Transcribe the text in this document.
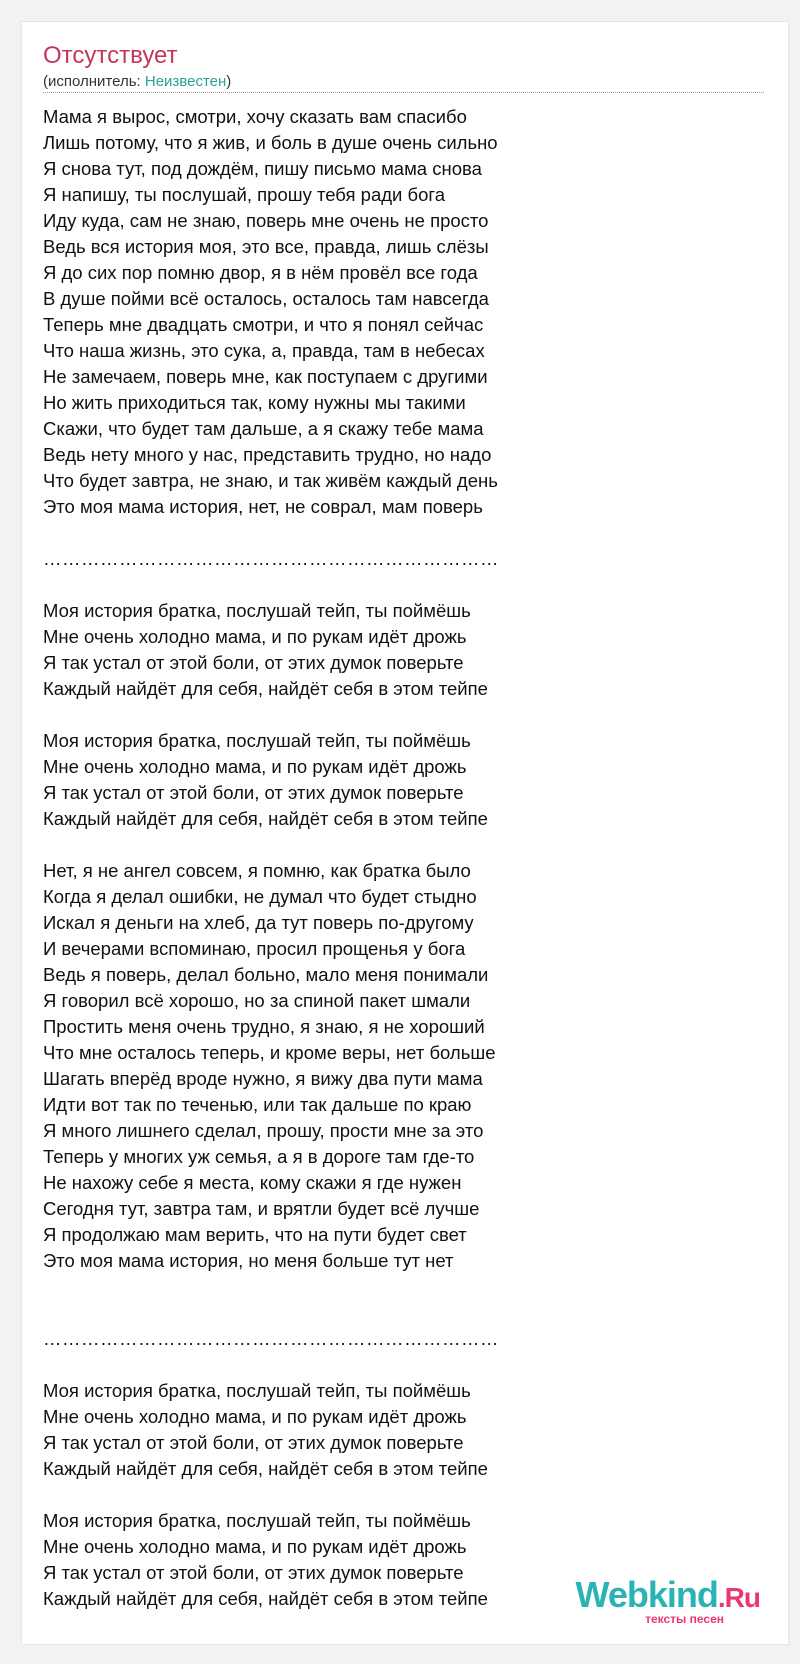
Отсутствует
(исполнитель: Неизвестен)
Мама я вырос, смотри, хочу сказать вам спасибо
Лишь потому, что я жив, и боль в душе очень сильно
Я снова тут, под дождём, пишу письмо мама снова
Я напишу, ты послушай, прошу тебя ради бога
Иду куда, сам не знаю, поверь мне очень не просто
Ведь вся история моя, это все, правда, лишь слёзы
Я до сих пор помню двор, я в нём провёл все года
В душе пойми всё осталось, осталось там навсегда
Теперь мне двадцать смотри, и что я понял сейчас
Что наша жизнь, это сука, а, правда, там в небесах
Не замечаем, поверь мне, как поступаем с другими
Но жить приходиться так, кому нужны мы такими
Скажи, что будет там дальше, а я скажу тебе мама
Ведь нету много у нас, представить трудно, но надо
Что будет завтра, не знаю, и так живём каждый день
Это моя мама история, нет, не соврал, мам поверь
………………………………………………………………
Моя история братка, послушай тейп, ты поймёшь
Мне очень холодно мама, и по рукам идёт дрожь
Я так устал от этой боли, от этих думок поверьте
Каждый найдёт для себя, найдёт себя в этом тейпе
Моя история братка, послушай тейп, ты поймёшь
Мне очень холодно мама, и по рукам идёт дрожь
Я так устал от этой боли, от этих думок поверьте
Каждый найдёт для себя, найдёт себя в этом тейпе
Нет, я не ангел совсем, я помню, как братка было
Когда я делал ошибки, не думал что будет стыдно
Искал я деньги на хлеб, да тут поверь по-другому
И вечерами вспоминаю, просил прощенья у бога
Ведь я поверь, делал больно, мало меня понимали
Я говорил всё хорошо, но за спиной пакет шмали
Простить меня очень трудно, я знаю, я не хороший
Что мне осталось теперь, и кроме веры, нет больше
Шагать вперёд вроде нужно, я вижу два пути мама
Идти вот так по теченью, или так дальше по краю
Я много лишнего сделал, прошу, прости мне за это
Теперь у многих уж семья, а я в дороге там где-то
Не нахожу себе я места, кому скажи я где нужен
Сегодня тут, завтра там, и врятли будет всё лучше
Я продолжаю мам верить, что на пути будет свет
Это моя мама история, но меня больше тут нет
………………………………………………………………
Моя история братка, послушай тейп, ты поймёшь
Мне очень холодно мама, и по рукам идёт дрожь
Я так устал от этой боли, от этих думок поверьте
Каждый найдёт для себя, найдёт себя в этом тейпе
Моя история братка, послушай тейп, ты поймёшь
Мне очень холодно мама, и по рукам идёт дрожь
Я так устал от этой боли, от этих думок поверьте
Каждый найдёт для себя, найдёт себя в этом тейпе	Webkind.Ru
тексты песен
